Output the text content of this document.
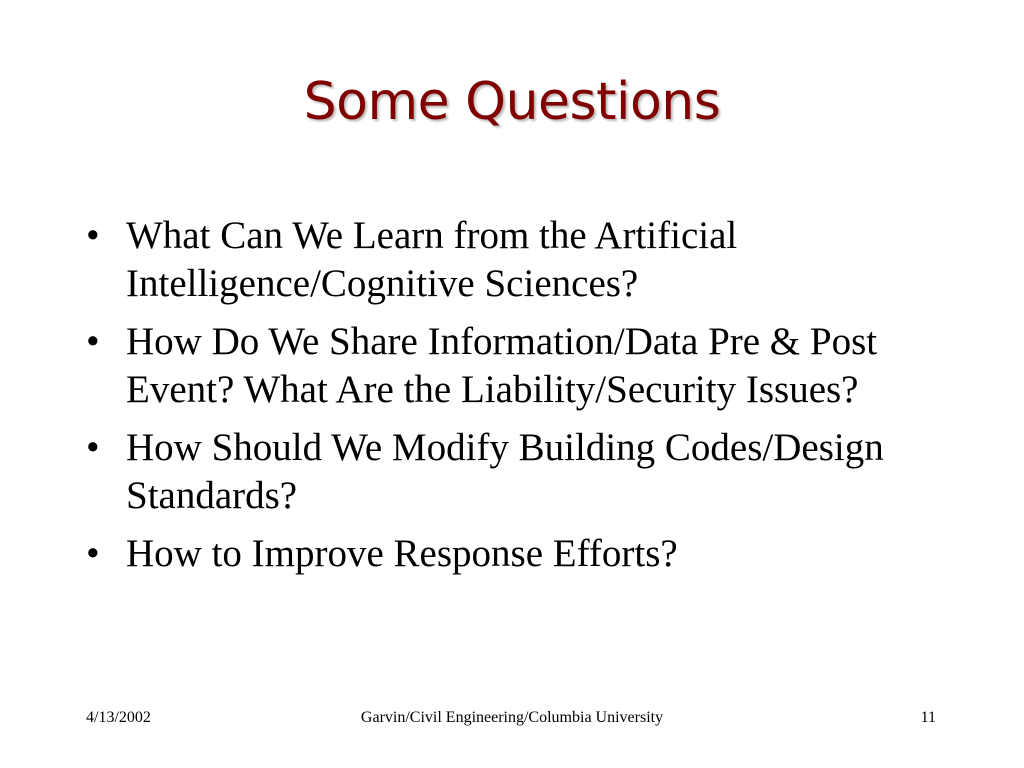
Some Questions
• What Can We Learn from the Artificial Intelligence/Cognitive Sciences?
• How Do We Share Information/Data Pre & Post Event? What Are the Liability/Security Issues?
• How Should We Modify Building Codes/Design Standards?
• How to Improve Response Efforts?
4/13/2002	Garvin/Civil Engineering/Columbia University	11
